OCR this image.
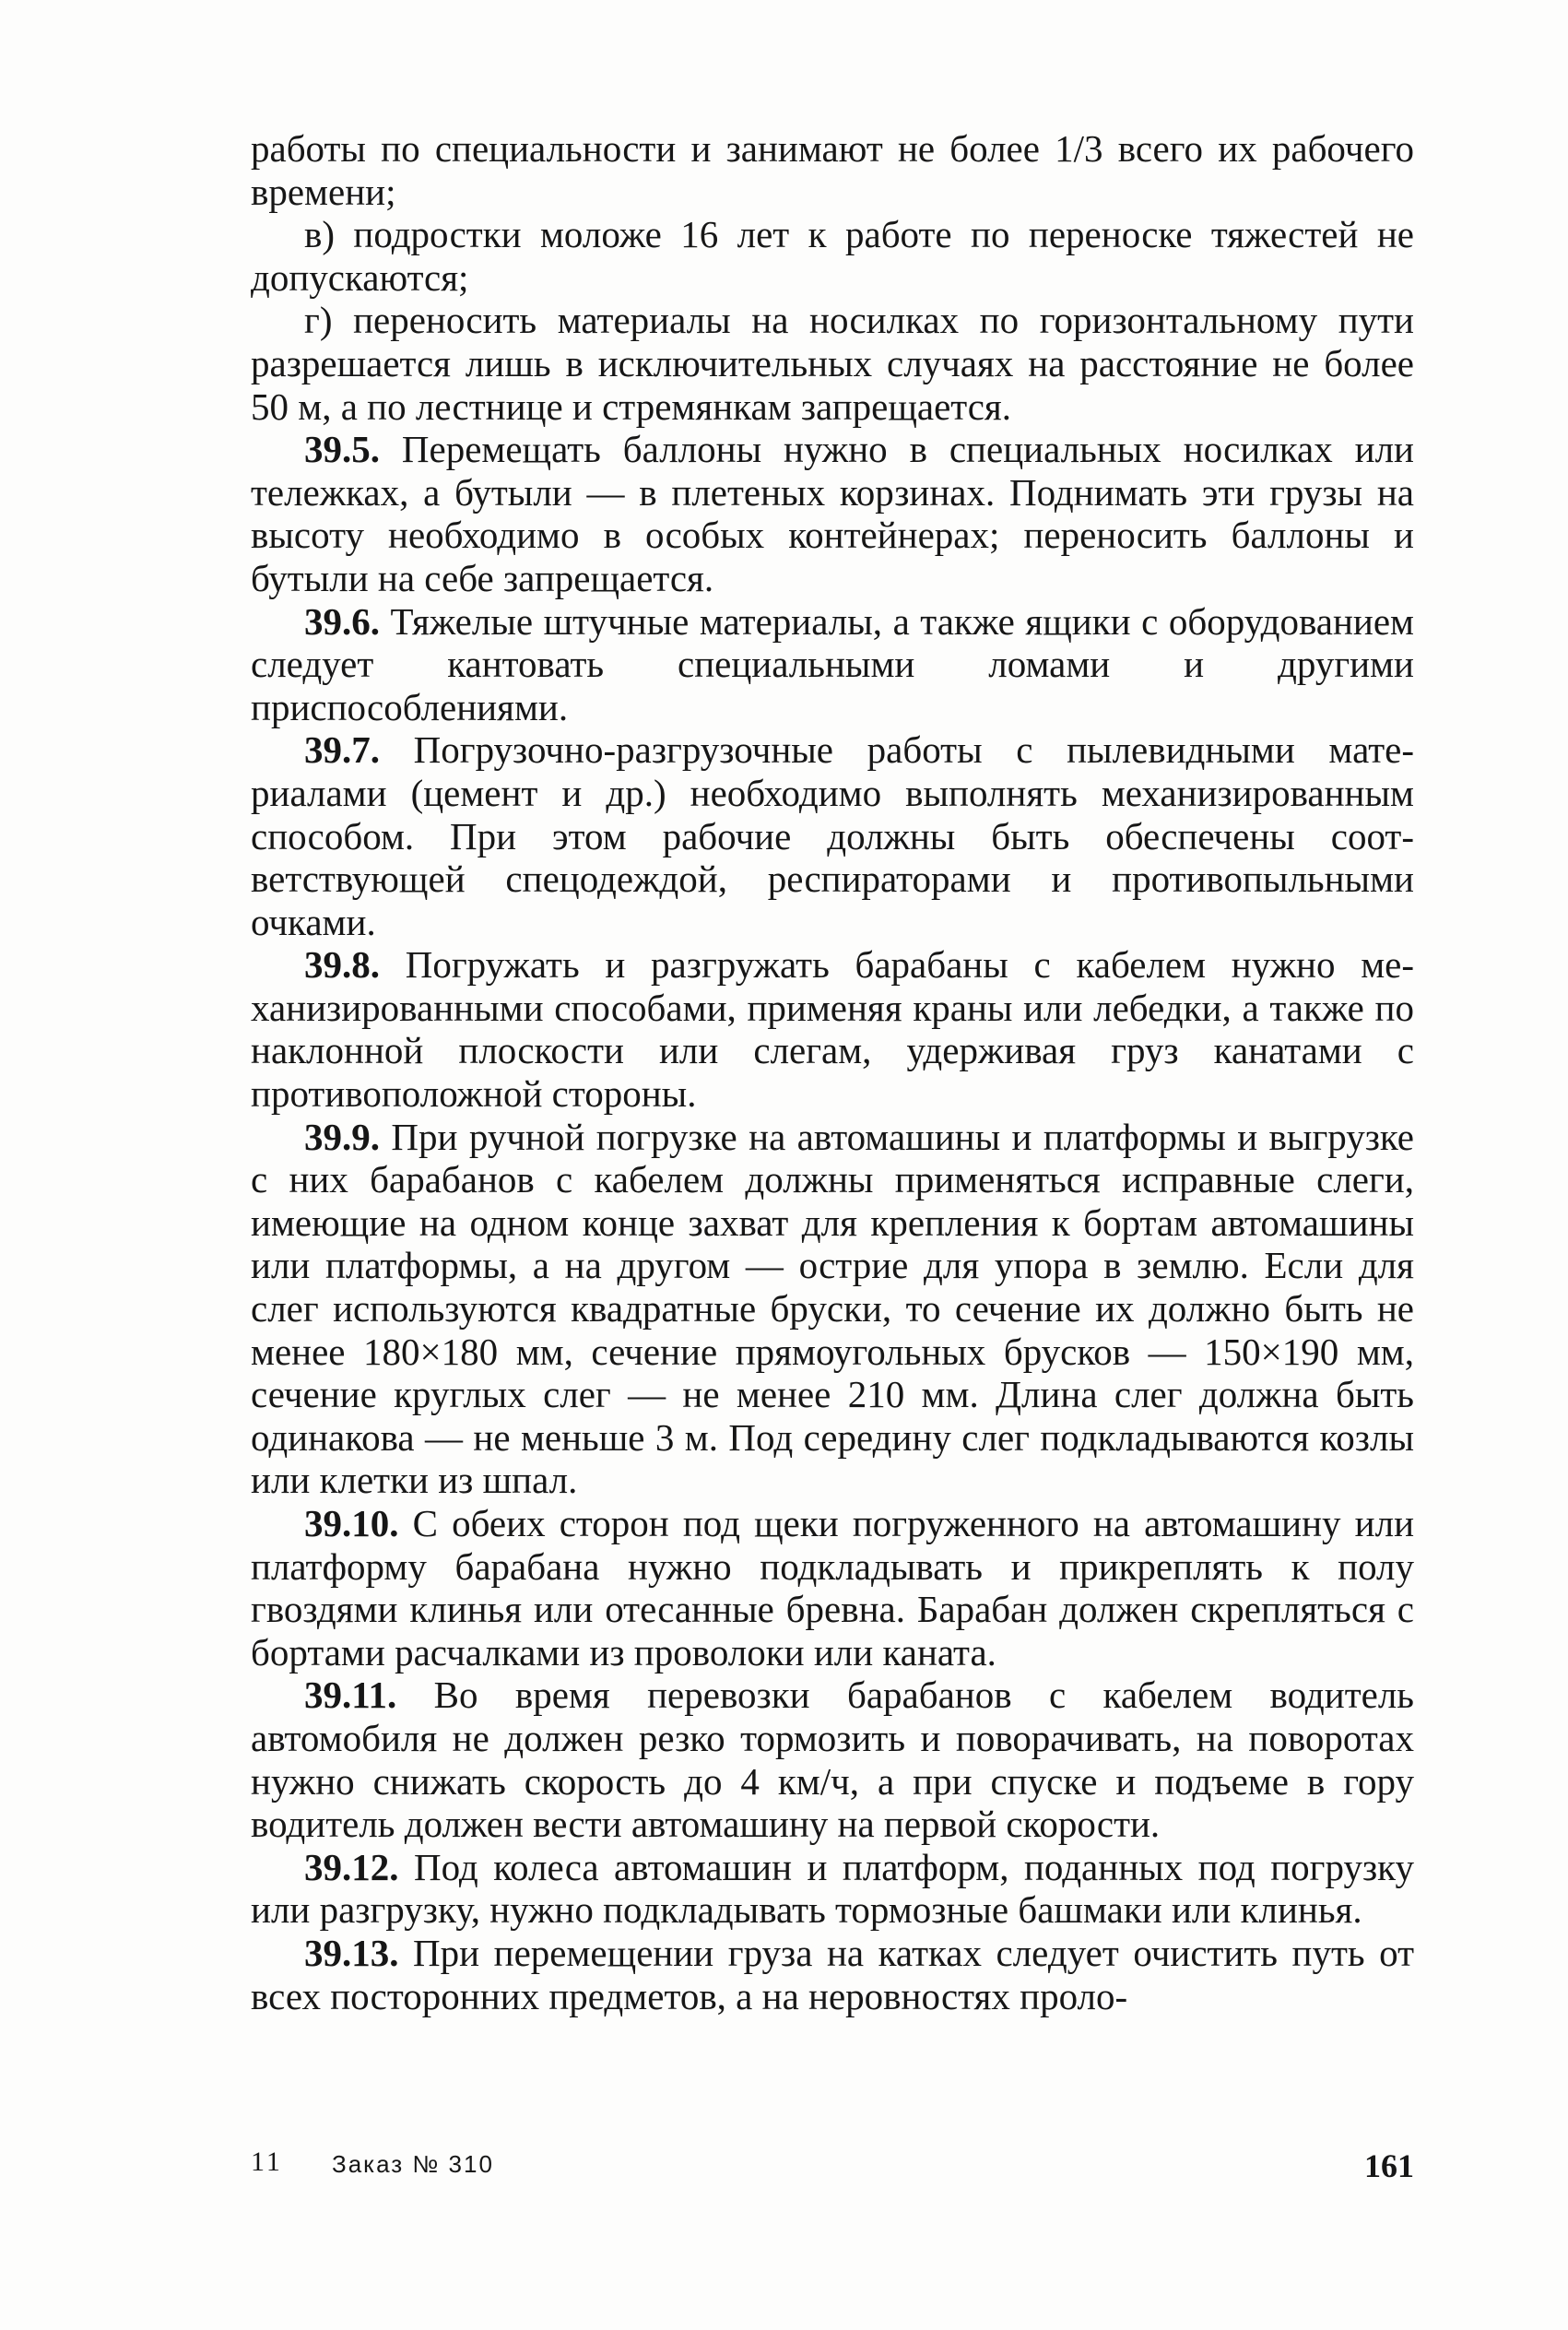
работы по специальности и занимают не более 1/3 всего их рабочего времени;

в) подростки моложе 16 лет к работе по переноске тяжестей не допускаются;

г) переносить материалы на носилках по горизонтальному пути разрешается лишь в исключительных случаях на расстояние не более 50 м, а по лестнице и стремянкам запрещается.

39.5. Перемещать баллоны нужно в специальных носилках или тележках, а бутыли — в плетеных корзинах. Поднимать эти грузы на высоту необходимо в особых контейнерах; переносить баллоны и бутыли на себе запрещается.

39.6. Тяжелые штучные материалы, а также ящики с оборудованием следует кантовать специальными ломами и другими приспособлениями.

39.7. Погрузочно-разгрузочные работы с пылевидными материалами (цемент и др.) необходимо выполнять механизированным способом. При этом рабочие должны быть обеспечены соответствующей спецодеждой, респираторами и противопыльными очками.

39.8. Погружать и разгружать барабаны с кабелем нужно механизированными способами, применяя краны или лебедки, а также по наклонной плоскости или слегам, удерживая груз канатами с противоположной стороны.

39.9. При ручной погрузке на автомашины и платформы и выгрузке с них барабанов с кабелем должны применяться исправные слеги, имеющие на одном конце захват для крепления к бортам автомашины или платформы, а на другом — острие для упора в землю. Если для слег используются квадратные бруски, то сечение их должно быть не менее 180×180 мм, сечение прямоугольных брусков — 150×190 мм, сечение круглых слег — не менее 210 мм. Длина слег должна быть одинакова — не меньше 3 м. Под середину слег подкладываются козлы или клетки из шпал.

39.10. С обеих сторон под щеки погруженного на автомашину или платформу барабана нужно подкладывать и прикреплять к полу гвоздями клинья или отесанные бревна. Барабан должен скрепляться с бортами расчалками из проволоки или каната.

39.11. Во время перевозки барабанов с кабелем водитель автомобиля не должен резко тормозить и поворачивать, на поворотах нужно снижать скорость до 4 км/ч, а при спуске и подъеме в гору водитель должен вести автомашину на первой скорости.

39.12. Под колеса автомашин и платформ, поданных под погрузку или разгрузку, нужно подкладывать тормозные башмаки или клинья.

39.13. При перемещении груза на катках следует очистить путь от всех посторонних предметов, а на неровностях проло-

11 Заказ № 310	161
